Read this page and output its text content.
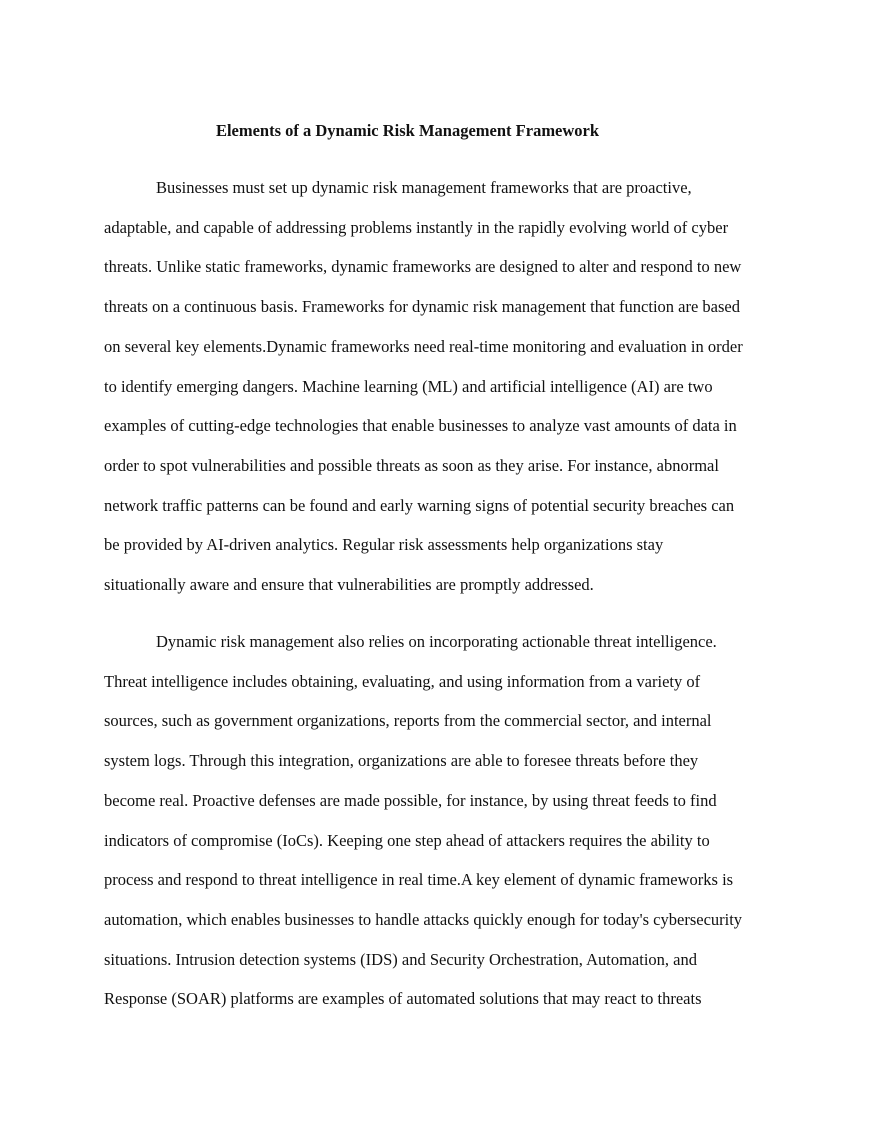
Elements of a Dynamic Risk Management Framework

Businesses must set up dynamic risk management frameworks that are proactive,
adaptable, and capable of addressing problems instantly in the rapidly evolving world of cyber
threats. Unlike static frameworks, dynamic frameworks are designed to alter and respond to new
threats on a continuous basis. Frameworks for dynamic risk management that function are based
on several key elements.Dynamic frameworks need real-time monitoring and evaluation in order
to identify emerging dangers. Machine learning (ML) and artificial intelligence (AI) are two
examples of cutting-edge technologies that enable businesses to analyze vast amounts of data in
order to spot vulnerabilities and possible threats as soon as they arise. For instance, abnormal
network traffic patterns can be found and early warning signs of potential security breaches can
be provided by AI-driven analytics. Regular risk assessments help organizations stay
situationally aware and ensure that vulnerabilities are promptly addressed.

Dynamic risk management also relies on incorporating actionable threat intelligence.
Threat intelligence includes obtaining, evaluating, and using information from a variety of
sources, such as government organizations, reports from the commercial sector, and internal
system logs. Through this integration, organizations are able to foresee threats before they
become real. Proactive defenses are made possible, for instance, by using threat feeds to find
indicators of compromise (IoCs). Keeping one step ahead of attackers requires the ability to
process and respond to threat intelligence in real time.A key element of dynamic frameworks is
automation, which enables businesses to handle attacks quickly enough for today's cybersecurity
situations. Intrusion detection systems (IDS) and Security Orchestration, Automation, and
Response (SOAR) platforms are examples of automated solutions that may react to threats
